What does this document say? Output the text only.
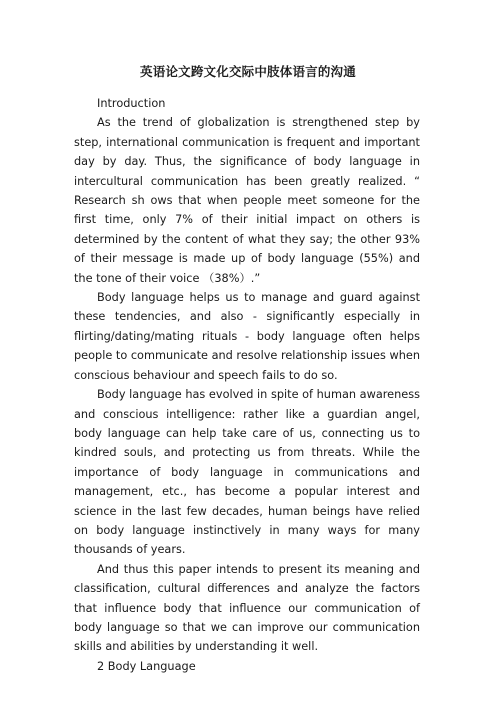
英语论文跨文化交际中肢体语言的沟通

Introduction

As the trend of globalization is strengthened step by step, international communication is frequent and important day by day. Thus, the significance of body language in intercultural communication has been greatly realized. “ Research sh ows that when people meet someone for the first time, only 7% of their initial impact on others is determined by the content of what they say; the other 93% of their message is made up of body language (55%) and the tone of their voice （38%）.”

Body language helps us to manage and guard against these tendencies, and also - significantly especially in flirting/dating/mating rituals - body language often helps people to communicate and resolve relationship issues when conscious behaviour and speech fails to do so.

Body language has evolved in spite of human awareness and conscious intelligence: rather like a guardian angel, body language can help take care of us, connecting us to kindred souls, and protecting us from threats. While the importance of body language in communications and management, etc., has become a popular interest and science in the last few decades, human beings have relied on body language instinctively in many ways for many thousands of years.

And thus this paper intends to present its meaning and classification, cultural differences and analyze the factors that influence body that influence our communication of body language so that we can improve our communication skills and abilities by understanding it well.

2 Body Language
